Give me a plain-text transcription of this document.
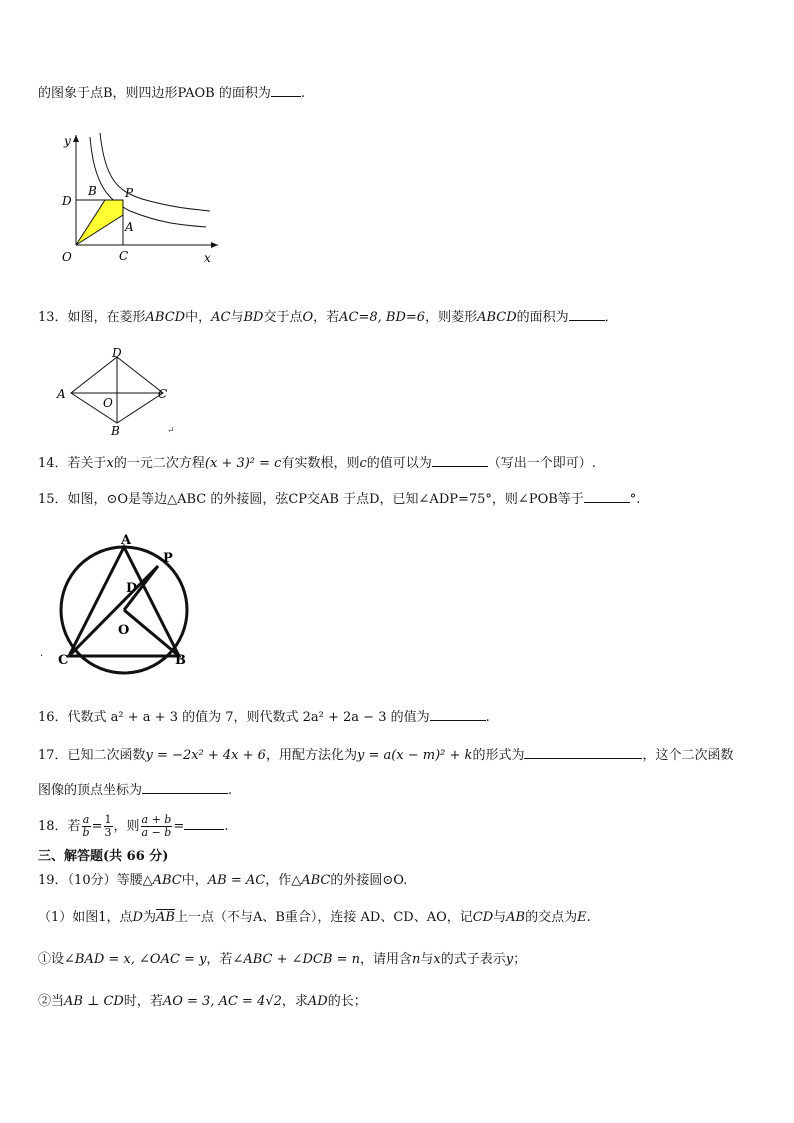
的图象于点B，则四边形PAOB 的面积为 .
y
x
O	C
D
B P
A
13．如图，在菱形ABCD中，AC与BD交于点O，若AC=8, BD=6，则菱形ABCD的面积为	．
D
A	C
O
B	↵
14．若关于x的一元二次方程(x + 3)² = c有实数根，则c的值可以为	（写出一个即可）.
15．如图，⊙O是等边△ABC 的外接圆，弦CP交AB 于点D，已知∠ADP=75°，则∠POB等于	°.
A
P
D
O
C	B
.
16．代数式 a² + a + 3 的值为 7，则代数式 2a² + 2a − 3 的值为	.
17．已知二次函数y = −2x² + 4x + 6，用配方法化为y = a(x − m)² + k的形式为	，这个二次函数
图像的顶点坐标为	.
18．若 $\frac{a}{b} = \frac{1}{3}$ ，则 $\frac{a + b}{a - b}$ =	.
三、解答题(共 66 分)
19．（10分）等腰△ABC中，AB = AC，作△ABC的外接圆⊙O.
（1）如图1，点D为$\overline{AB}$上一点（不与A、B重合），连接 AD、CD、AO，记CD与AB的交点为E.
①设∠BAD = x, ∠OAC = y，若∠ABC + ∠DCB = n，请用含n与x的式子表示y；
②当AB ⊥ CD时，若AO = 3, AC = 4√2，求AD的长；
